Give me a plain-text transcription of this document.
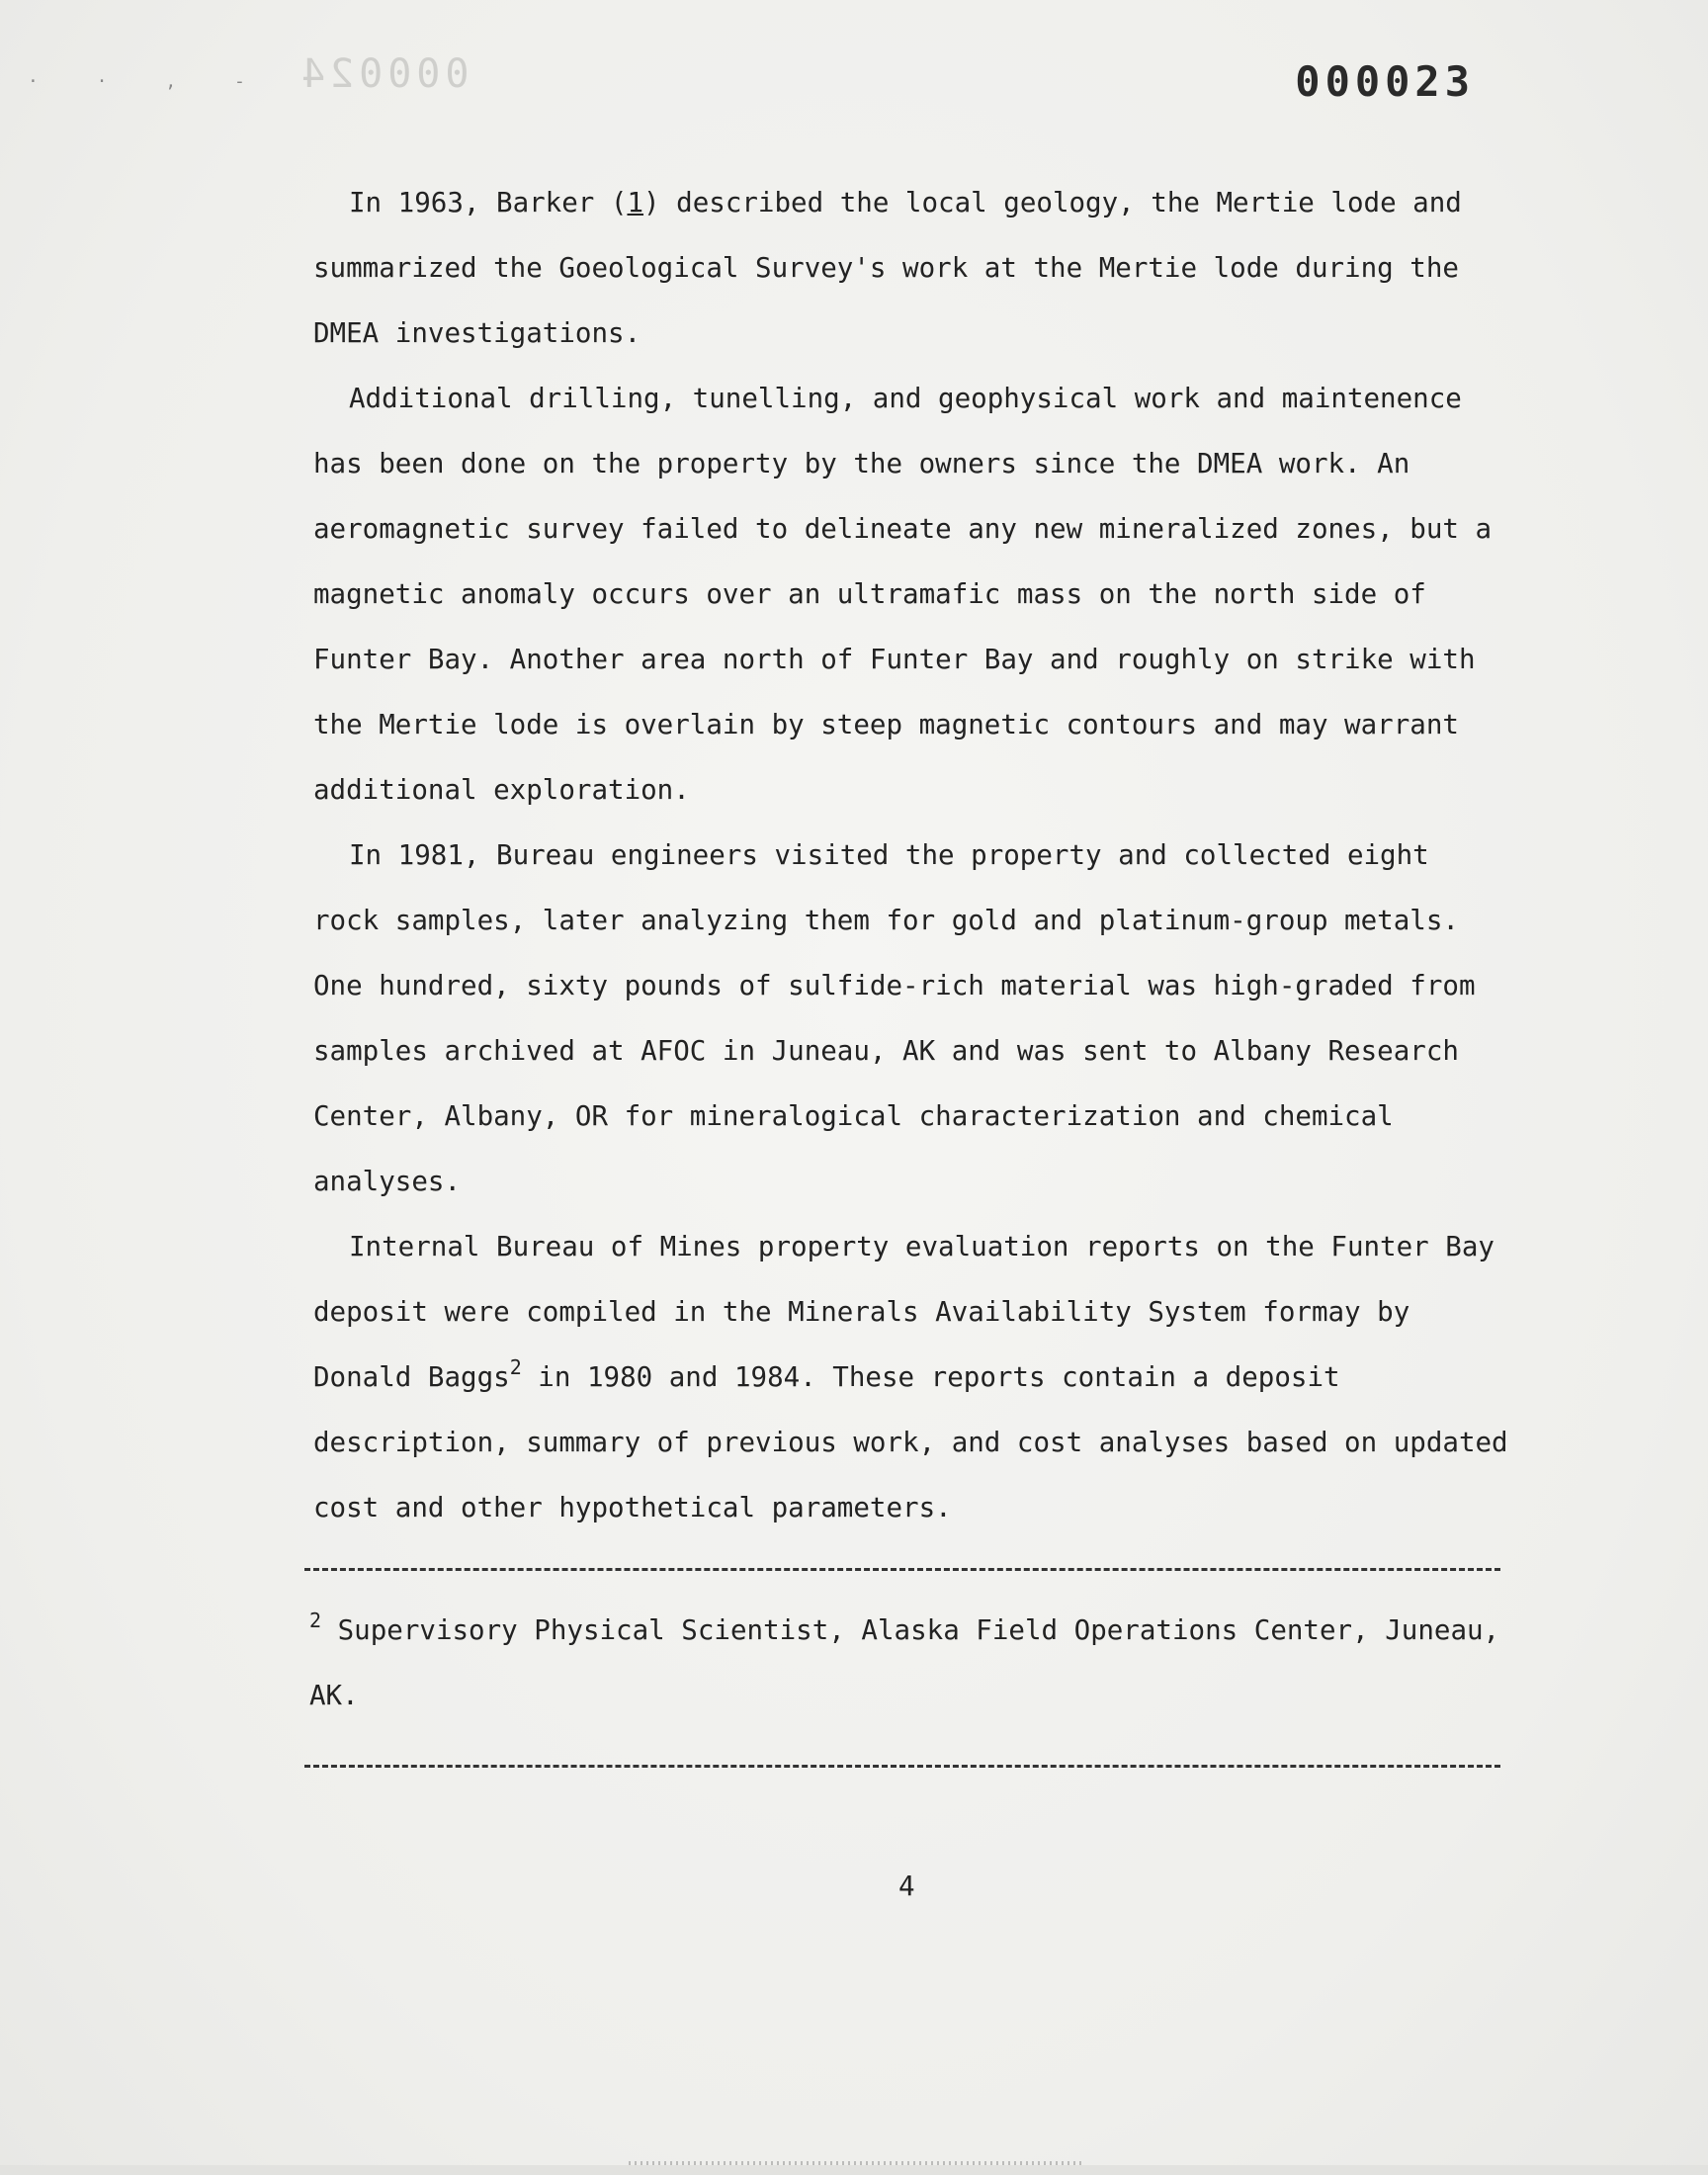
· · ‚ ‐ 000024	000023

In 1963, Barker (1) described the local geology, the Mertie lode and summarized the Goeological Survey's work at the Mertie lode during the DMEA investigations.

Additional drilling, tunelling, and geophysical work and maintenence has been done on the property by the owners since the DMEA work. An aeromagnetic survey failed to delineate any new mineralized zones, but a magnetic anomaly occurs over an ultramafic mass on the north side of Funter Bay. Another area north of Funter Bay and roughly on strike with the Mertie lode is overlain by steep magnetic contours and may warrant additional exploration.

In 1981, Bureau engineers visited the property and collected eight rock samples, later analyzing them for gold and platinum-group metals. One hundred, sixty pounds of sulfide-rich material was high-graded from samples archived at AFOC in Juneau, AK and was sent to Albany Research Center, Albany, OR for mineralogical characterization and chemical analyses.

Internal Bureau of Mines property evaluation reports on the Funter Bay deposit were compiled in the Minerals Availability System formay by Donald Baggs$^2$ in 1980 and 1984. These reports contain a deposit description, summary of previous work, and cost analyses based on updated cost and other hypothetical parameters.

$^2$ Supervisory Physical Scientist, Alaska Field Operations Center, Juneau, AK.

4
